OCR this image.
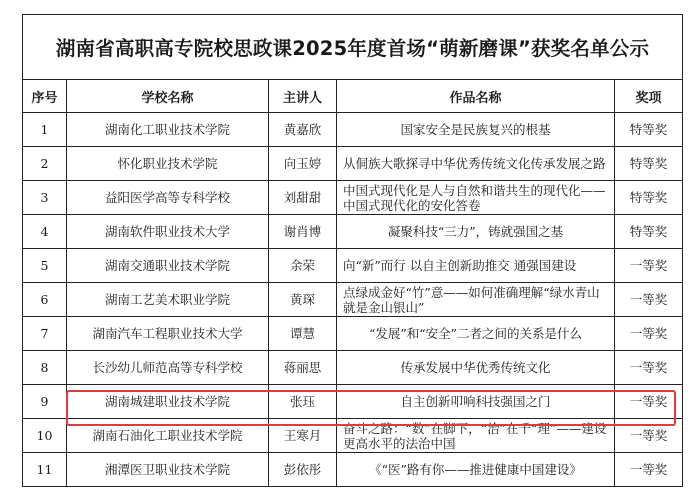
湖南省高职高专院校思政课2025年度首场“萌新磨课”获奖名单公示				
序号	学校名称	主讲人	作品名称	奖项
1	湖南化工职业技术学院	黄嘉欣	国家安全是民族复兴的根基	特等奖
2	怀化职业技术学院	向玉婷	从侗族大歌探寻中华优秀传统文化传承发展之路	特等奖
3	益阳医学高等专科学校	刘甜甜	中国式现代化是人与自然和谐共生的现代化——中国式现代化的安化答卷	特等奖
4	湖南软件职业技术大学	谢肖博	凝聚科技“三力”，铸就强国之基	特等奖
5	湖南交通职业技术学院	余荣	向“新”而行 以自主创新助推交 通强国建设	一等奖
6	湖南工艺美术职业学院	黄琛	点绿成金好“竹”意——如何准确理解“绿水青山就是金山银山”	一等奖
7	湖南汽车工程职业技术大学	谭慧	“发展”和“安全”二者之间的关系是什么	一等奖
8	长沙幼儿师范高等专科学校	蒋丽思	传承发展中华优秀传统文化	一等奖
9	湖南城建职业技术学院	张珏	自主创新叩响科技强国之门	一等奖
10	湖南石油化工职业技术学院	王寒月	奋斗之路：“数”在脚下，“治”在千“理”——建设更高水平的法治中国	一等奖
11	湘潭医卫职业技术学院	彭依彤	《“医”路有你——推进健康中国建设》	一等奖
